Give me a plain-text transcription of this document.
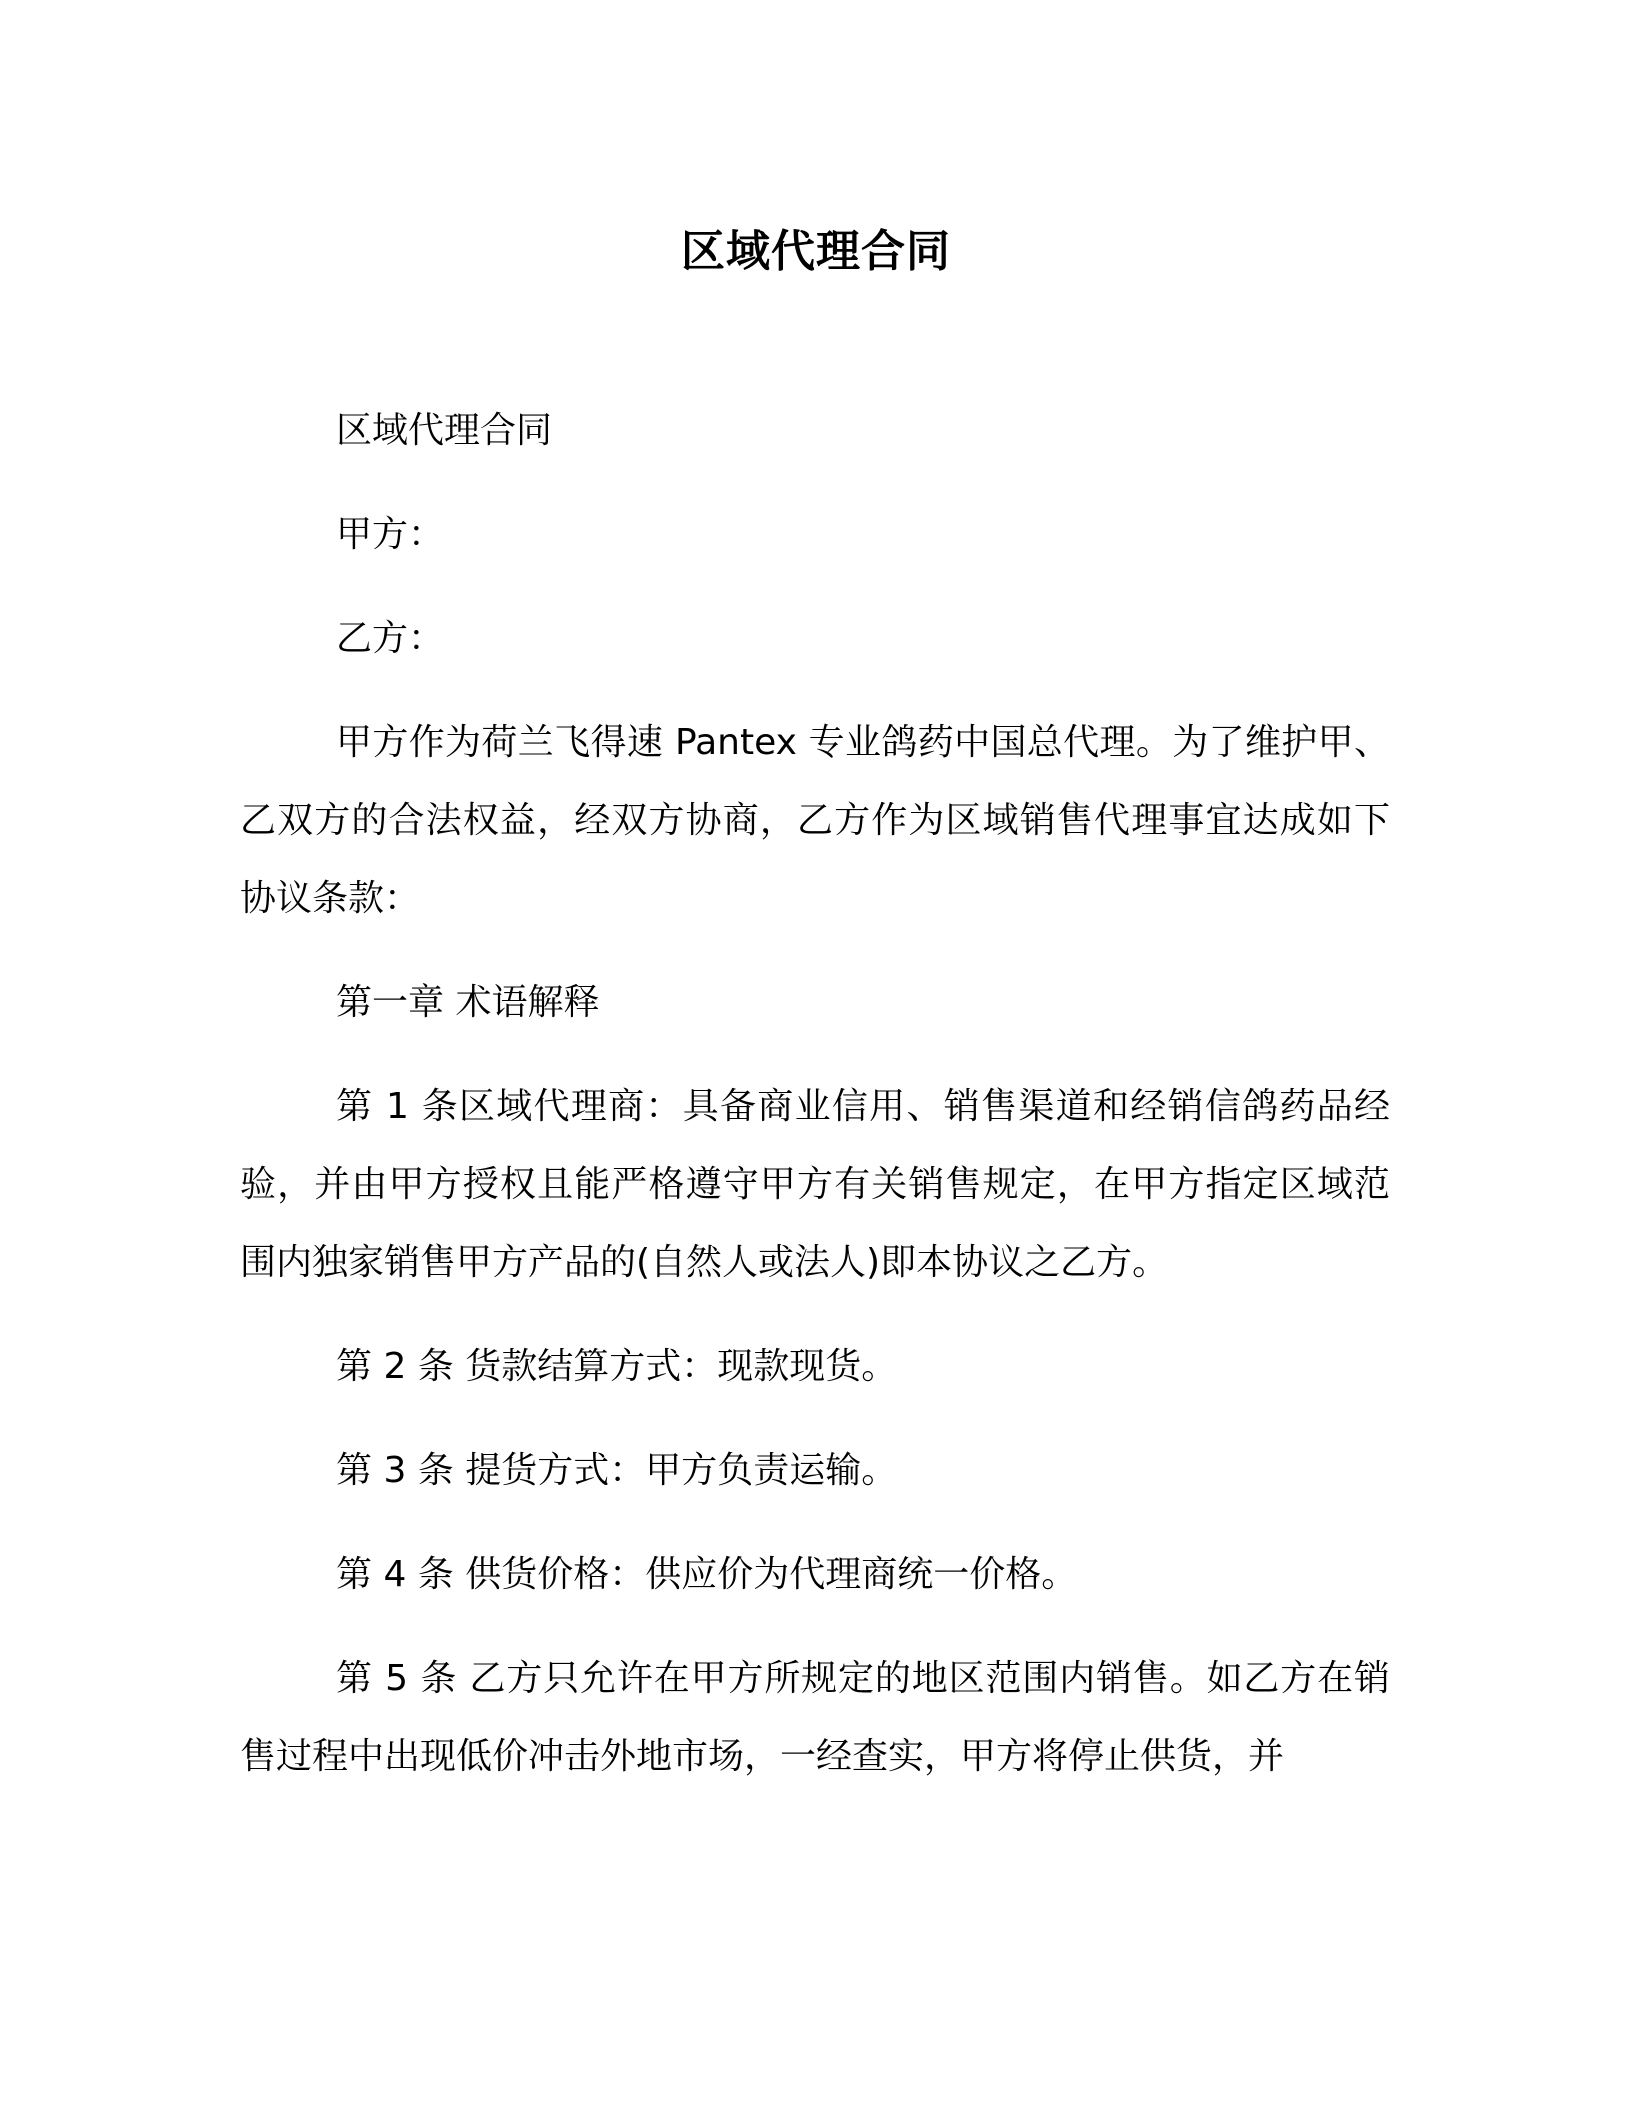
区域代理合同

区域代理合同

甲方：

乙方：

甲方作为荷兰飞得速 Pantex 专业鸽药中国总代理。为了维护甲、乙双方的合法权益，经双方协商，乙方作为区域销售代理事宜达成如下协议条款：

第一章 术语解释

第 1 条区域代理商：具备商业信用、销售渠道和经销信鸽药品经验，并由甲方授权且能严格遵守甲方有关销售规定，在甲方指定区域范围内独家销售甲方产品的(自然人或法人)即本协议之乙方。

第 2 条 货款结算方式：现款现货。

第 3 条 提货方式：甲方负责运输。

第 4 条 供货价格：供应价为代理商统一价格。

第 5 条 乙方只允许在甲方所规定的地区范围内销售。如乙方在销售过程中出现低价冲击外地市场，一经查实，甲方将停止供货，并
